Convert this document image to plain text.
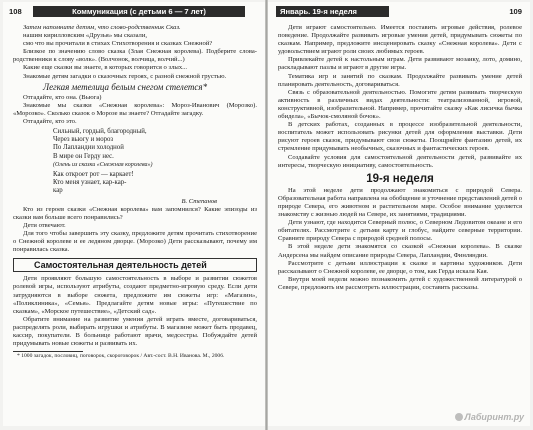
108	Коммуникация (с детьми 6 — 7 лет)

Затем напомните детям, что слово-родственник Сказ.

нашим кирилловским «Друзья» мы сказали,

смо что вы прочитали в стихах Стихотворения и сказках Снежной?

Близкое по значению слово сказка (Злая Снежная королева). Подберите слова-родственники к слову «волк». (Волчонок, волчица, волчий...)

Какие еще сказки вы знаете, в которых говорится о злых...

Знакомые детям загадки о сказочных героях, с разной снежной грустью.

Легкая метелица белым снегом стелется*

Отгадайте, кто она. (Вьюга)

Знакомые мы сказки «Снежная королева»: Мороз-Иванович (Морозко). «Морозко». Сколько сказок о Морозе вы знаете? Отгадайте загадку.

Отгадайте, кто это.

Сильный, гордый, благородный,
Через вьюгу и мороз
По Лапландии холодной
В мире он Герду нес.
(Олень из сказки «Снежная королева»)
Как откроет рот — каркает!
Кто меня узнает, кар-кар-
кар

В. Степанов

Кто из героев сказки «Снежная королева» вам запомнился? Какие эпизоды из сказки вам больше всего понравились?

Дети отвечают.

Для того чтобы завершить эту сказку, предложите детям прочитать стихотворение о Снежной королеве и ее ледяном дворце. (Морозко) Дети рассказывают, почему им понравилась сказка.

Самостоятельная деятельность детей

Дети проявляют большую самостоятельность в выборе и развитии сюжетов ролевой игры, используют атрибуты, создают предметно-игровую среду. Если дети затрудняются в выборе сюжета, предложите им сюжеты игр: «Магазин», «Поликлиника», «Семья». Предлагайте детям новые игры: «Путешествие по сказкам», «Морское путешествие», «Детский сад».

Обратите внимание на развитие умения детей играть вместе, договариваться, распределять роли, выбирать игрушки и атрибуты. В магазине может быть продавец, кассир, покупатели. В больнице работают врачи, медсестры. Побуждайте детей придумывать новые сюжеты и развивать их.

* 1000 загадок, пословиц, поговорок, скороговорок / Авт.-сост. В.Н. Иванова. М., 2006.

Январь. 19-я неделя	109

Дети играют самостоятельно. Имеется поставить игровые действия, ролевое поведение. Продолжайте развивать игровые умения детей, придумывать сюжеты по сказкам. Например, предложите инсценировать сказку «Снежная королева». Дети с удовольствием играют роли своих любимых героев.

Привлекайте детей к настольным играм. Дети развивают мозаику, лото, домино, раскладывают пазлы и играют в другие игры.

Тематика игр и занятий по сказкам. Продолжайте развивать умение детей планировать деятельность, договариваться.

Связь с образовательной деятельностью. Помогите детям развивать творческую активность в различных видах деятельности: театрализованной, игровой, конструктивной, изобразительной. Например, прочитайте сказку «Как лисичка бычка обидела», «Бычок-смоляной бочок».

В детских работах, созданных в процессе изобразительной деятельности, воспитатель может использовать рисунки детей для оформления выставки. Дети рисуют героев сказок, придумывают свои сюжеты. Поощряйте фантазию детей, их стремление придумывать необычных, сказочных и фантастических героев.

Создавайте условия для самостоятельной деятельности детей, развивайте их интересы, творческую инициативу, самостоятельность.

19-я неделя

На этой неделе дети продолжают знакомиться с природой Севера. Образовательная работа направлена на обобщение и уточнение представлений детей о природе Севера, его животном и растительном мире. Особое внимание уделяется знакомству с жизнью людей на Севере, их занятиями, традициями.

Дети узнают, где находится Северный полюс, о Северном Ледовитом океане и его обитателях. Рассмотрите с детьми карту и глобус, найдите северные территории. Сравните природу Севера с природой средней полосы.

В этой неделе дети знакомятся со сказкой «Снежная королева». В сказке Андерсена мы найдем описание природы Севера, Лапландии, Финляндии.

Рассмотрите с детьми иллюстрации к сказке и картины художников. Дети рассказывают о Снежной королеве, ее дворце, о том, как Герда искала Кая.

Внутри моей недели можно познакомить детей с художественной литературой о Севере, предложить им рассмотреть иллюстрации, составить рассказы.

Лабиринт.ру
